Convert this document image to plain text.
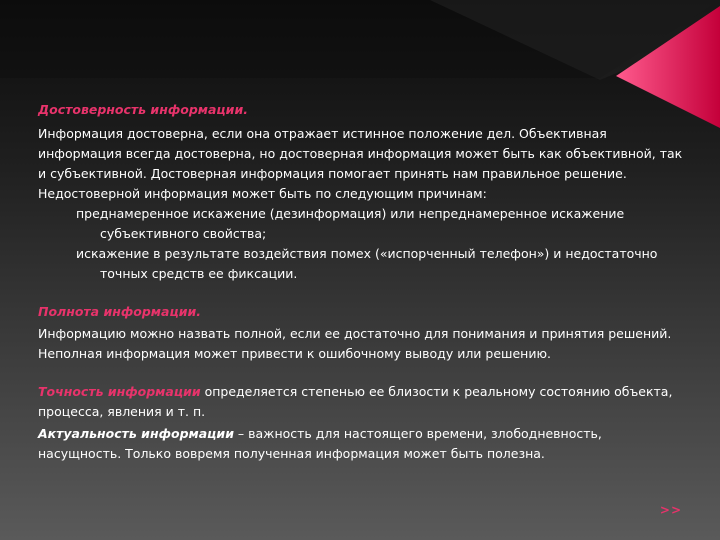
Достоверность информации.

Информация достоверна, если она отражает истинное положение дел. Объективная информация всегда достоверна, но достоверная информация может быть как объективной, так и субъективной. Достоверная информация помогает принять нам правильное решение. Недостоверной информация может быть по следующим причинам:

преднамеренное искажение (дезинформация) или непреднамеренное искажение субъективного свойства;

искажение в результате воздействия помех («испорченный телефон») и недостаточно точных средств ее фиксации.

Полнота информации.

Информацию можно назвать полной, если ее достаточно для понимания и принятия решений. Неполная информация может привести к ошибочному выводу или решению.

Точность информации определяется степенью ее близости к реальному состоянию объекта, процесса, явления и т. п.

Актуальность информации – важность для настоящего времени, злободневность, насущность. Только вовремя полученная информация может быть полезна.

>>
